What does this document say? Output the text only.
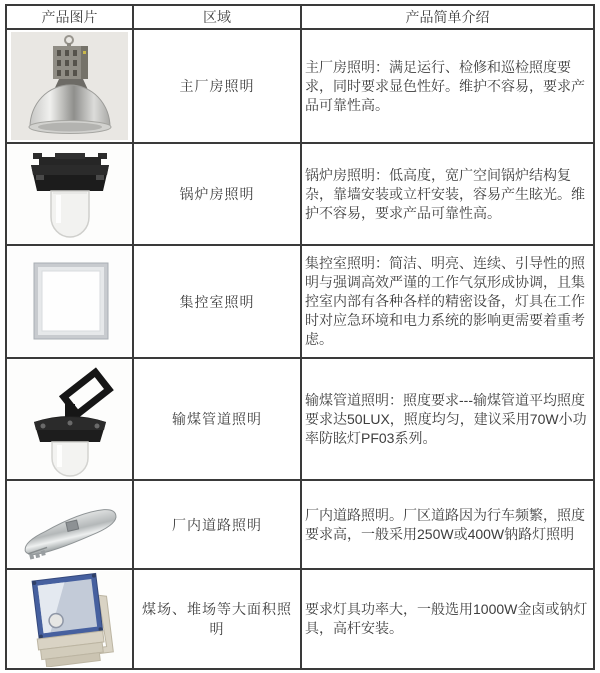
产品图片	区域	产品简单介绍

	主厂房照明	主厂房照明：满足运行、检修和巡检照度要求，同时要求显色性好。维护不容易，要求产品可靠性高。

	锅炉房照明	锅炉房照明：低高度，宽广空间锅炉结构复杂，靠墙安装或立杆安装，容易产生眩光。维护不容易，要求产品可靠性高。

	集控室照明	集控室照明：简洁、明亮、连续、引导性的照明与强调高效严谨的工作气氛形成协调，且集控室内部有各种各样的精密设备，灯具在工作时对应急环境和电力系统的影响更需要着重考虑。

	输煤管道照明	输煤管道照明：照度要求---输煤管道平均照度要求达50LUX，照度均匀，建议采用70W小功率防眩灯PF03系列。

	厂内道路照明	厂内道路照明。厂区道路因为行车频繁，照度要求高，一般采用250W或400W钠路灯照明

	煤场、堆场等大面积照明	要求灯具功率大，一般选用1000W金卤或钠灯具，高杆安装。
